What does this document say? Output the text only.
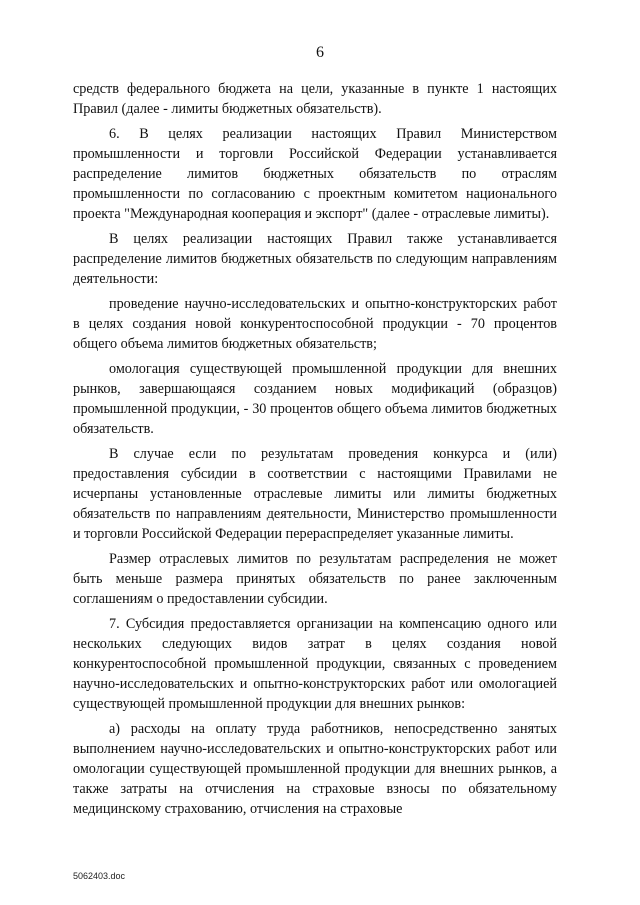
6

средств федерального бюджета на цели, указанные в пункте 1 настоящих Правил (далее - лимиты бюджетных обязательств).

6. В целях реализации настоящих Правил Министерством промышленности и торговли Российской Федерации устанавливается распределение лимитов бюджетных обязательств по отраслям промышленности по согласованию с проектным комитетом национального проекта "Международная кооперация и экспорт" (далее - отраслевые лимиты).

В целях реализации настоящих Правил также устанавливается распределение лимитов бюджетных обязательств по следующим направлениям деятельности:

проведение научно-исследовательских и опытно-конструкторских работ в целях создания новой конкурентоспособной продукции - 70 процентов общего объема лимитов бюджетных обязательств;

омологация существующей промышленной продукции для внешних рынков, завершающаяся созданием новых модификаций (образцов) промышленной продукции, - 30 процентов общего объема лимитов бюджетных обязательств.

В случае если по результатам проведения конкурса и (или) предоставления субсидии в соответствии с настоящими Правилами не исчерпаны установленные отраслевые лимиты или лимиты бюджетных обязательств по направлениям деятельности, Министерство промышленности и торговли Российской Федерации перераспределяет указанные лимиты.

Размер отраслевых лимитов по результатам распределения не может быть меньше размера принятых обязательств по ранее заключенным соглашениям о предоставлении субсидии.

7. Субсидия предоставляется организации на компенсацию одного или нескольких следующих видов затрат в целях создания новой конкурентоспособной промышленной продукции, связанных с проведением научно-исследовательских и опытно-конструкторских работ или омологацией существующей промышленной продукции для внешних рынков:

а) расходы на оплату труда работников, непосредственно занятых выполнением научно-исследовательских и опытно-конструкторских работ или омологации существующей промышленной продукции для внешних рынков, а также затраты на отчисления на страховые взносы по обязательному медицинскому страхованию, отчисления на страховые

5062403.doc
